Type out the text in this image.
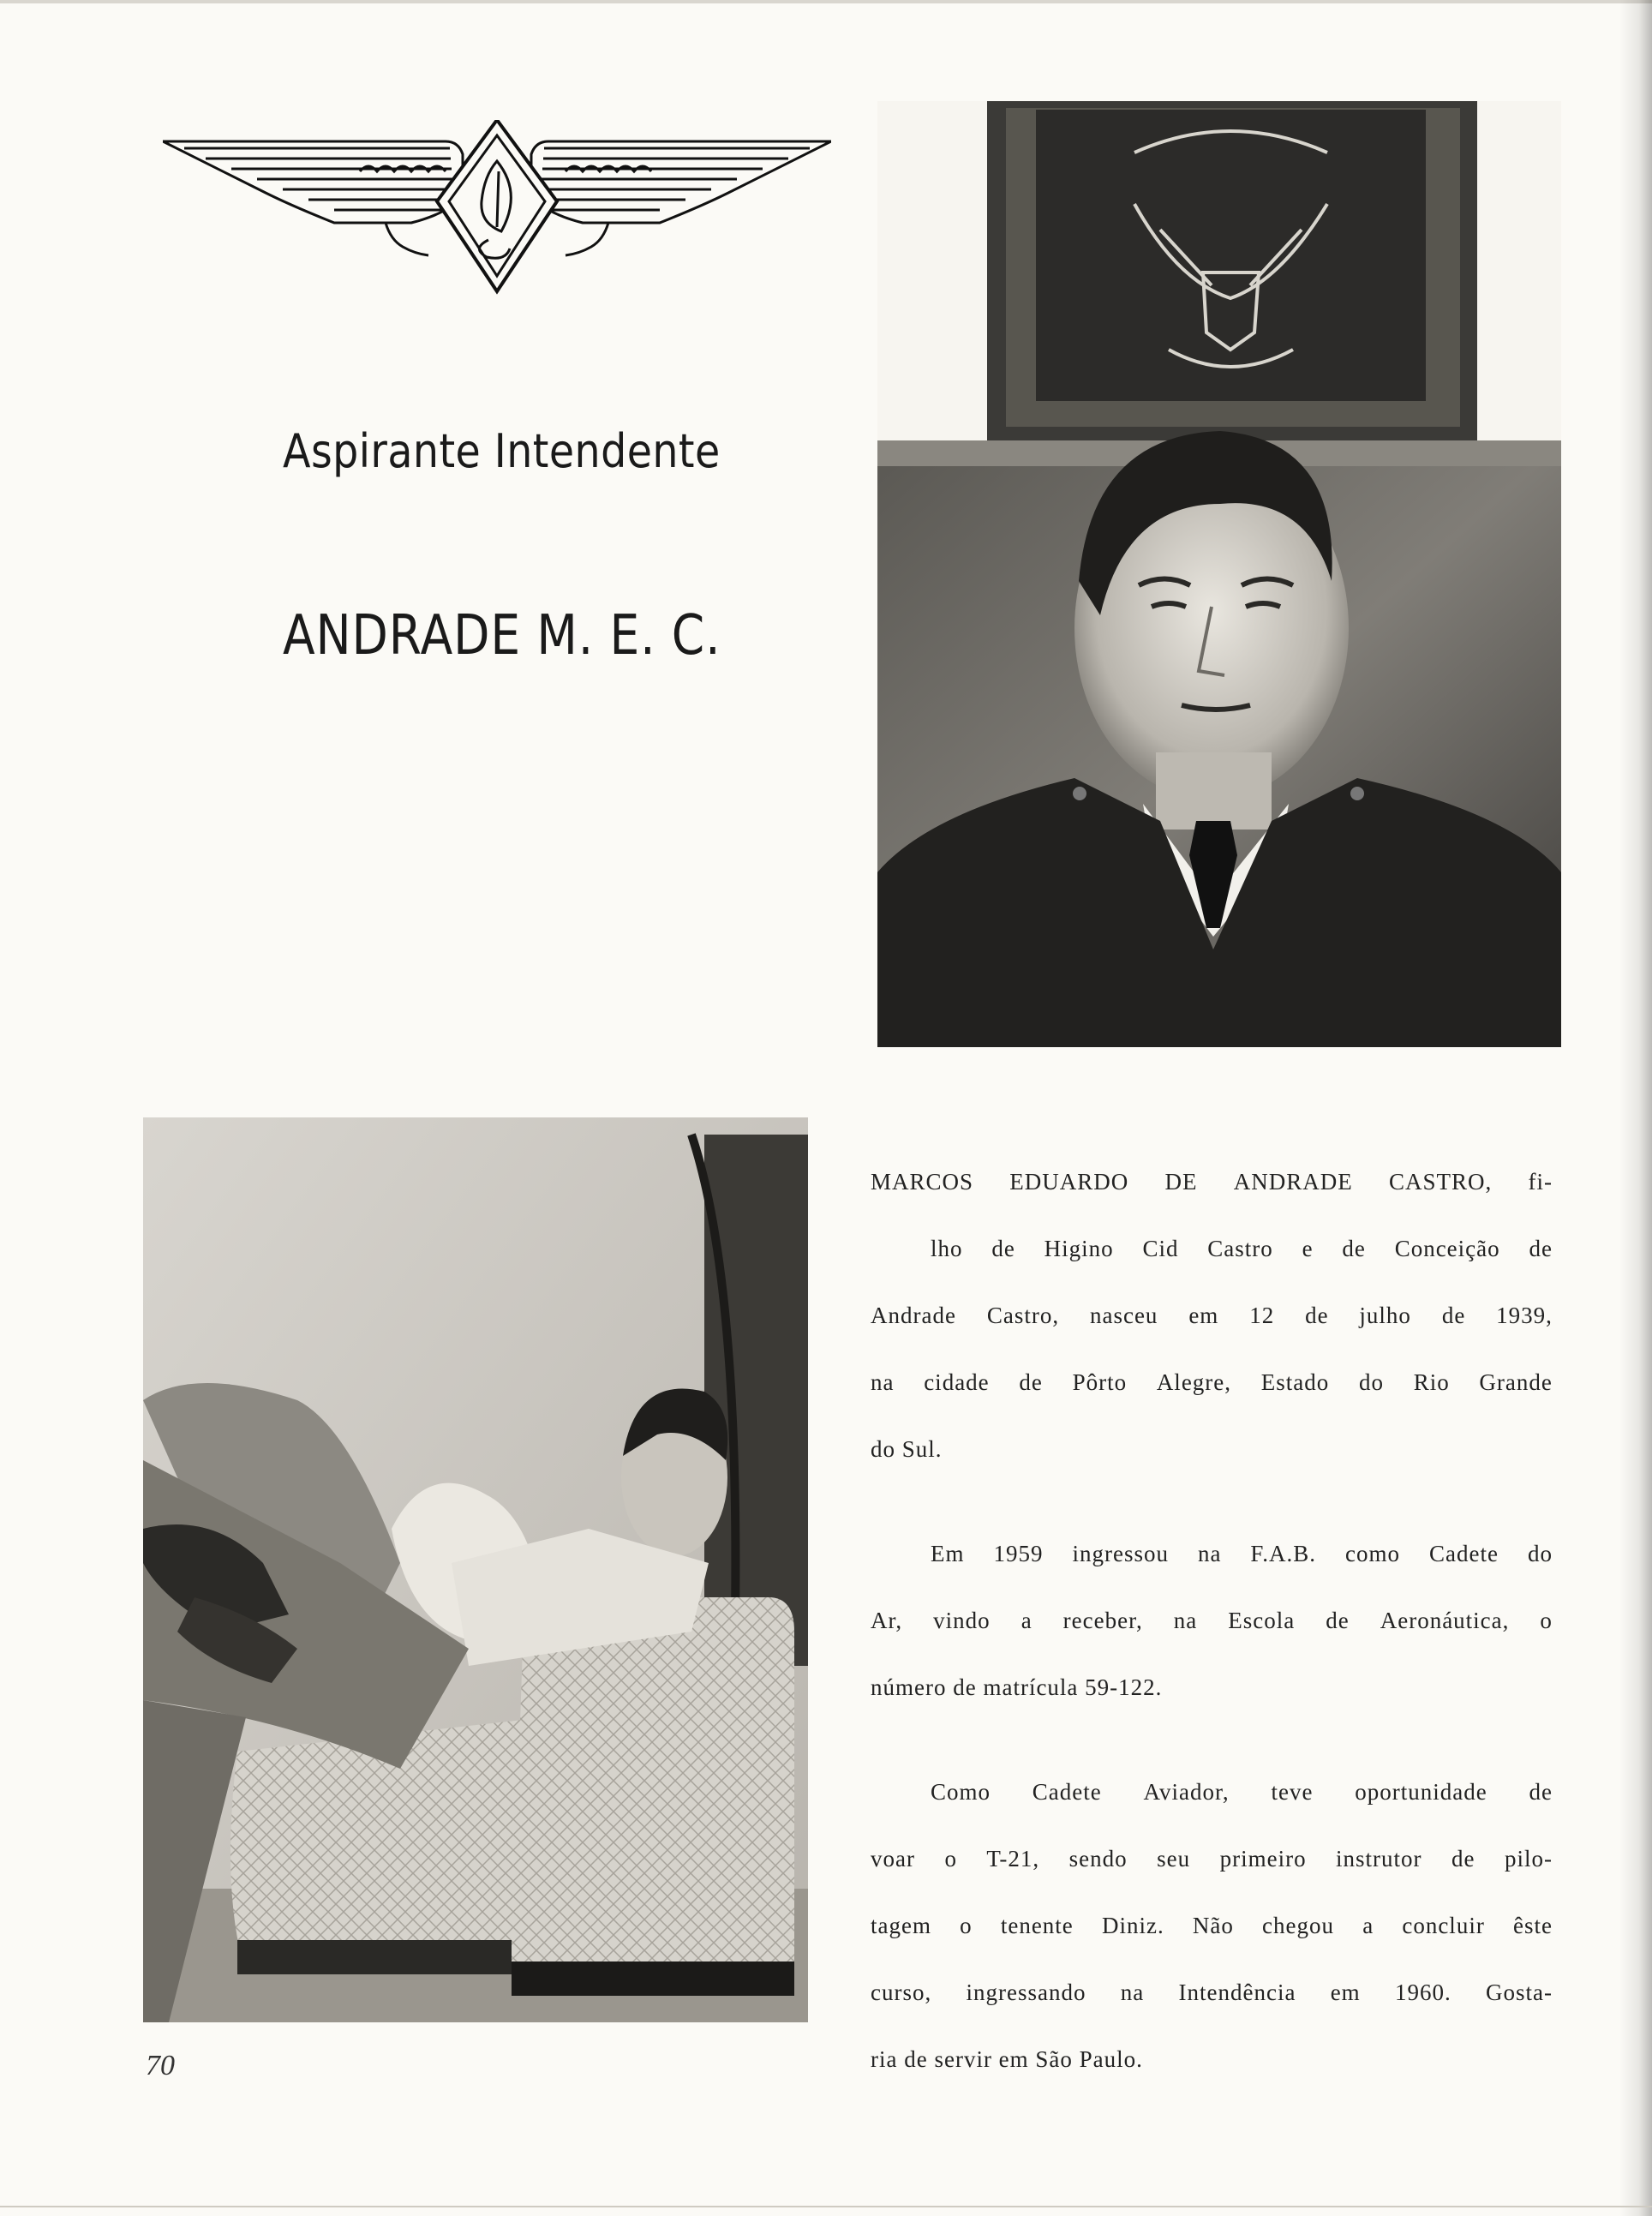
Aspirante Intendente
ANDRADE M. E. C.
MARCOS EDUARDO DE ANDRADE CASTRO, fi-
lho de Higino Cid Castro e de Conceição de
Andrade Castro, nasceu em 12 de julho de 1939,
na cidade de Pôrto Alegre, Estado do Rio Grande
do Sul.
Em 1959 ingressou na F.A.B. como Cadete do
Ar, vindo a receber, na Escola de Aeronáutica, o
número de matrícula 59-122.
Como Cadete Aviador, teve oportunidade de
voar o T-21, sendo seu primeiro instrutor de pilo-
tagem o tenente Diniz. Não chegou a concluir êste
curso, ingressando na Intendência em 1960. Gosta-
ria de servir em São Paulo.
70
